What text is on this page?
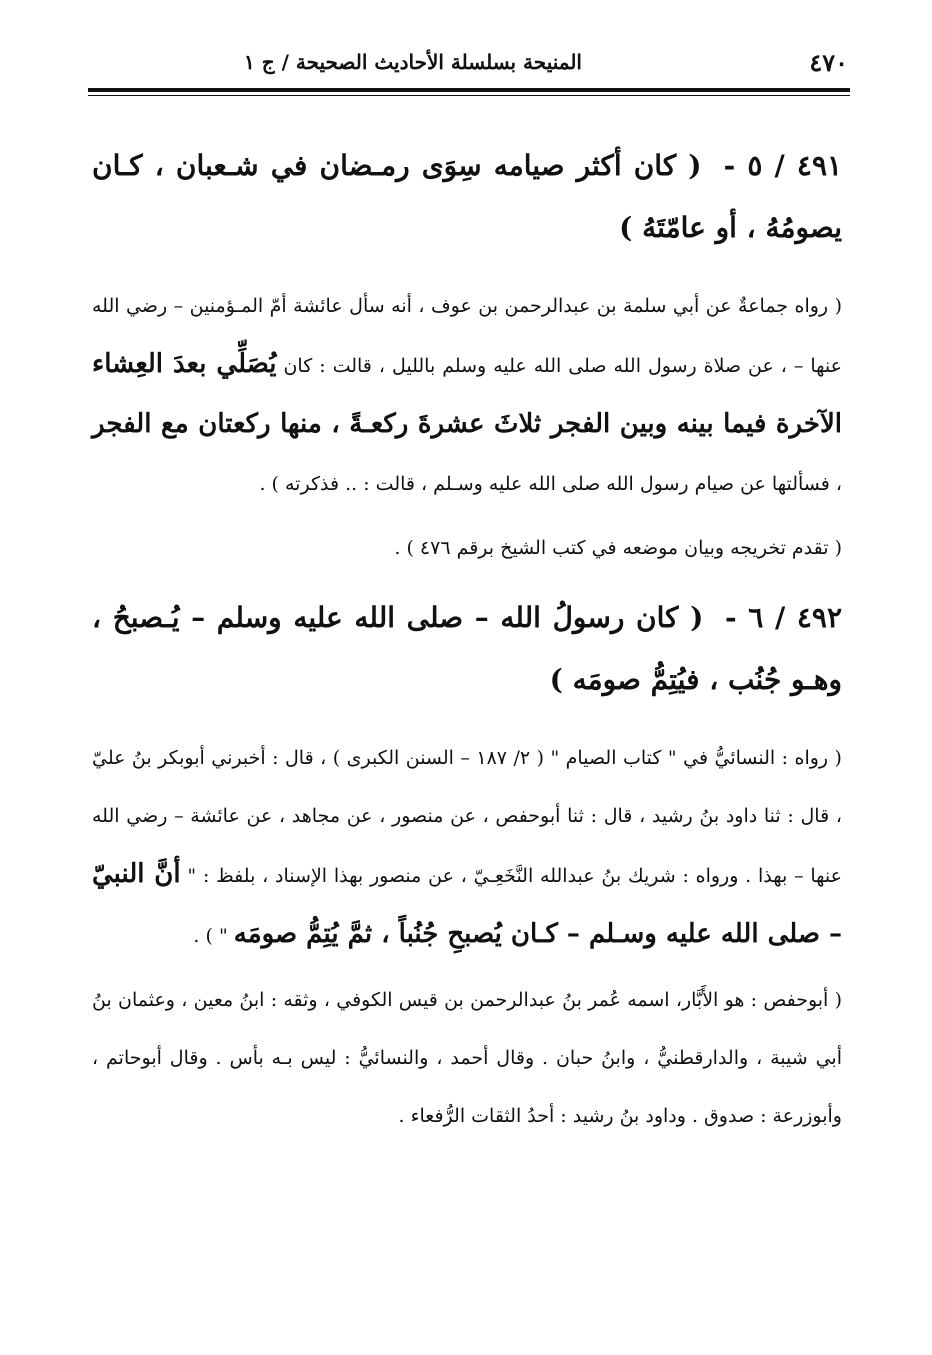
٤٧٠
المنيحة بسلسلة الأحاديث الصحيحة / ج ١

٤٩١ / ٥ - ( كان أكثر صيامه سِوَى رمـضان في شـعبان ، كـان يصومُهُ ، أو عامّتَهُ )

( رواه جماعةٌ عن أبي سلمة بن عبدالرحمن بن عوف ، أنه سأل عائشة أمّ المـؤمنين – رضي الله عنها – ، عن صلاة رسول الله صلى الله عليه وسلم بالليل ، قالت : كان يُصَلِّي بعدَ العِشاء الآخرة فيما بينه وبين الفجر ثلاثَ عشرةَ ركعـةً ، منها ركعتان مع الفجر ، فسألتها عن صيام رسول الله صلى الله عليه وسـلم ، قالت : .. فذكرته ) .

( تقدم تخريجه وبيان موضعه في كتب الشيخ برقم ٤٧٦ ) .

٤٩٢ / ٦ - ( كان رسولُ الله – صلى الله عليه وسلم – يُـصبحُ ، وهـو جُنُب ، فيُتِمُّ صومَه )

( رواه : النسائيُّ في " كتاب الصيام " ( ٢/ ١٨٧ – السنن الكبرى ) ، قال : أخبرني أبوبكر بنُ عليّ ، قال : ثنا داود بنُ رشيد ، قال : ثنا أبوحفص ، عن منصور ، عن مجاهد ، عن عائشة – رضي الله عنها – بهذا . ورواه : شريك بنُ عبدالله النَّخَعِـيّ ، عن منصور بهذا الإسناد ، بلفظ : " أنَّ النبيّ – صلى الله عليه وسـلم – كـان يُصبحِ جُنُباً ، ثمَّ يُتِمُّ صومَه " ) .

( أبوحفص : هو الأَبَّار، اسمه عُمر بنُ عبدالرحمن بن قيس الكوفي ، وثقه : ابنُ معين ، وعثمان بنُ أبي شيبة ، والدارقطنيُّ ، وابنُ حبان . وقال أحمد ، والنسائيُّ : ليس بـه بأس . وقال أبوحاتم ، وأبوزرعة : صدوق . وداود بنُ رشيد : أحدُ الثقات الرُّفعاء .
